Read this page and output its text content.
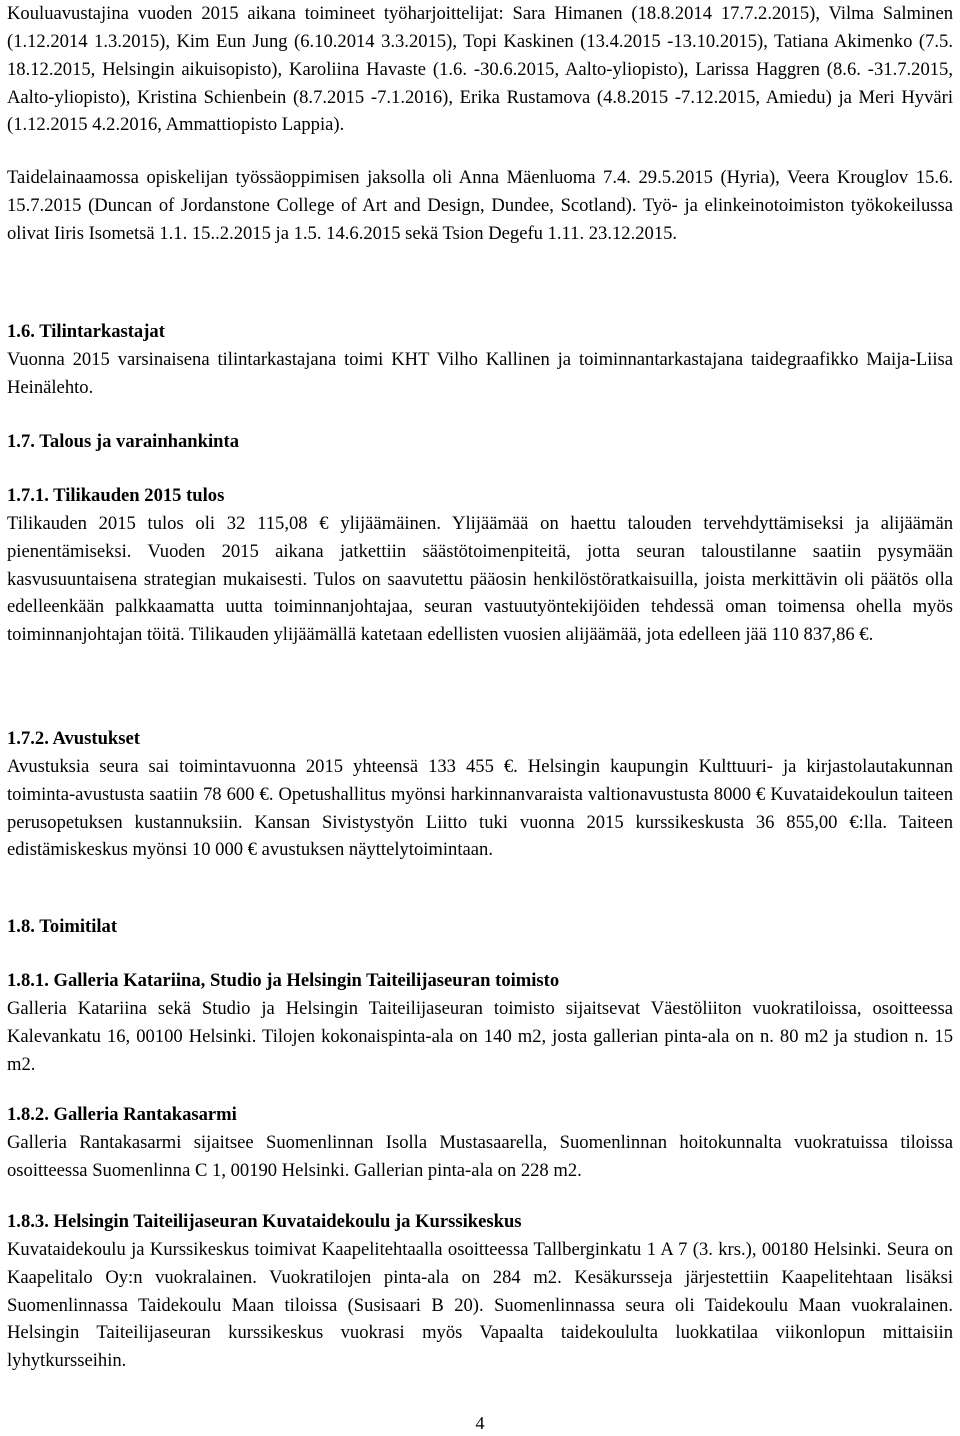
Kouluavustajina vuoden 2015 aikana toimineet työharjoittelijat: Sara Himanen (18.8.2014 17.7.2.2015), Vilma Salminen (1.12.2014 1.3.2015), Kim Eun Jung (6.10.2014 3.3.2015), Topi Kaskinen (13.4.2015 -13.10.2015), Tatiana Akimenko (7.5. 18.12.2015, Helsingin aikuisopisto), Karoliina Havaste (1.6. -30.6.2015, Aalto-yliopisto), Larissa Haggren (8.6. -31.7.2015, Aalto-yliopisto), Kristina Schienbein (8.7.2015 -7.1.2016), Erika Rustamova (4.8.2015 -7.12.2015, Amiedu) ja Meri Hyväri (1.12.2015 4.2.2016, Ammattiopisto Lappia).

Taidelainaamossa opiskelijan työssäoppimisen jaksolla oli Anna Mäenluoma 7.4. 29.5.2015 (Hyria), Veera Krouglov 15.6. 15.7.2015 (Duncan of Jordanstone College of Art and Design, Dundee, Scotland). Työ- ja elinkeinotoimiston työkokeilussa olivat Iiris Isometsä 1.1. 15..2.2015 ja 1.5. 14.6.2015 sekä Tsion Degefu 1.11. 23.12.2015.

1.6. Tilintarkastajat

Vuonna 2015 varsinaisena tilintarkastajana toimi KHT Vilho Kallinen ja toiminnantarkastajana taidegraafikko Maija-Liisa Heinälehto.

1.7. Talous ja varainhankinta

1.7.1. Tilikauden 2015 tulos

Tilikauden 2015 tulos oli 32 115,08 € ylijäämäinen. Ylijäämää on haettu talouden tervehdyttämiseksi ja alijäämän pienentämiseksi. Vuoden 2015 aikana jatkettiin säästötoimenpiteitä, jotta seuran taloustilanne saatiin pysymään kasvusuuntaisena strategian mukaisesti. Tulos on saavutettu pääosin henkilöstöratkaisuilla, joista merkittävin oli päätös olla edelleenkään palkkaamatta uutta toiminnanjohtajaa, seuran vastuutyöntekijöiden tehdessä oman toimensa ohella myös toiminnanjohtajan töitä. Tilikauden ylijäämällä katetaan edellisten vuosien alijäämää, jota edelleen jää 110 837,86 €.

1.7.2. Avustukset

Avustuksia seura sai toimintavuonna 2015 yhteensä 133 455 €. Helsingin kaupungin Kulttuuri- ja kirjastolautakunnan toiminta-avustusta saatiin 78 600 €. Opetushallitus myönsi harkinnanvaraista valtionavustusta 8000 € Kuvataidekoulun taiteen perusopetuksen kustannuksiin. Kansan Sivistystyön Liitto tuki vuonna 2015 kurssikeskusta 36 855,00 €:lla. Taiteen edistämiskeskus myönsi 10 000 € avustuksen näyttelytoimintaan.

1.8. Toimitilat

1.8.1. Galleria Katariina, Studio ja Helsingin Taiteilijaseuran toimisto

Galleria Katariina sekä Studio ja Helsingin Taiteilijaseuran toimisto sijaitsevat Väestöliiton vuokratiloissa, osoitteessa Kalevankatu 16, 00100 Helsinki. Tilojen kokonaispinta-ala on 140 m2, josta gallerian pinta-ala on n. 80 m2 ja studion n. 15 m2.

1.8.2. Galleria Rantakasarmi

Galleria Rantakasarmi sijaitsee Suomenlinnan Isolla Mustasaarella, Suomenlinnan hoitokunnalta vuokratuissa tiloissa osoitteessa Suomenlinna C 1, 00190 Helsinki. Gallerian pinta-ala on 228 m2.

1.8.3. Helsingin Taiteilijaseuran Kuvataidekoulu ja Kurssikeskus

Kuvataidekoulu ja Kurssikeskus toimivat Kaapelitehtaalla osoitteessa Tallberginkatu 1 A 7 (3. krs.), 00180 Helsinki. Seura on Kaapelitalo Oy:n vuokralainen. Vuokratilojen pinta-ala on 284 m2. Kesäkursseja järjestettiin Kaapelitehtaan lisäksi Suomenlinnassa Taidekoulu Maan tiloissa (Susisaari B 20). Suomenlinnassa seura oli Taidekoulu Maan vuokralainen. Helsingin Taiteilijaseuran kurssikeskus vuokrasi myös Vapaalta taidekoululta luokkatilaa viikonlopun mittaisiin lyhytkursseihin.

4
